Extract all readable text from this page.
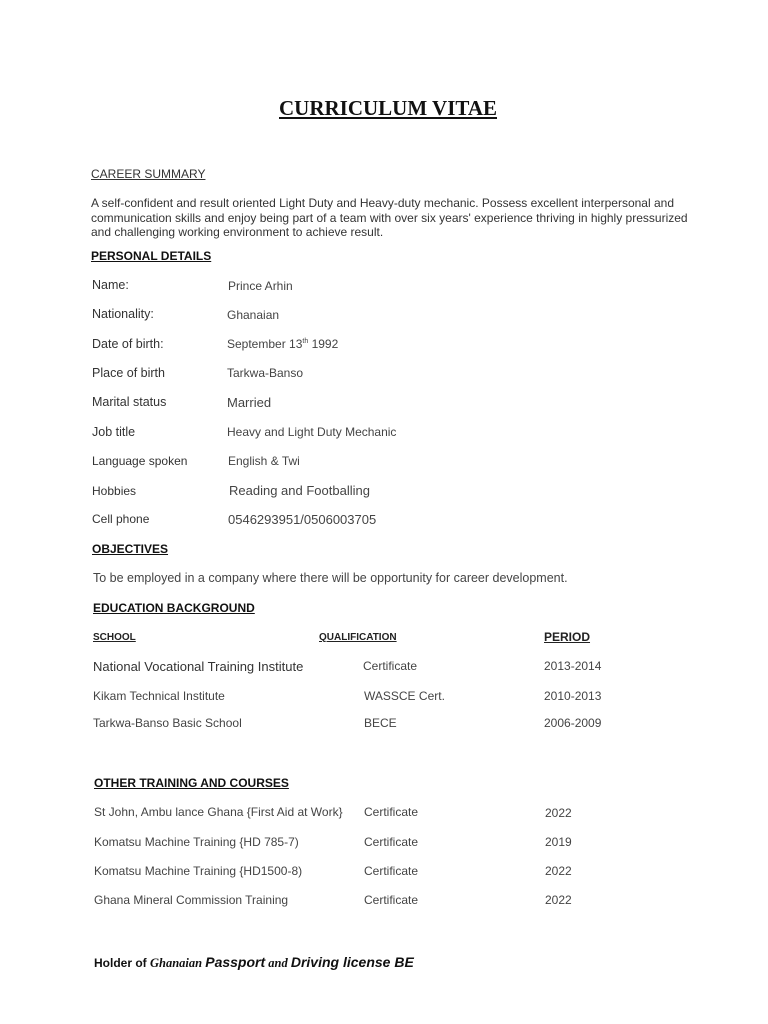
CURRICULUM VITAE
CAREER SUMMARY
A self-confident and result oriented Light Duty and Heavy-duty mechanic. Possess excellent interpersonal and communication skills and enjoy being part of a team with over six years' experience thriving in highly pressurized and challenging working environment to achieve result.
PERSONAL DETAILS
Name:	Prince Arhin
Nationality:	Ghanaian
Date of birth:	September 13th 1992
Place of birth	Tarkwa-Banso
Marital status	Married
Job title	Heavy and Light Duty Mechanic
Language spoken	English & Twi
Hobbies	Reading and Footballing
Cell phone	0546293951/0506003705
OBJECTIVES
To be employed in a company where there will be opportunity for career development.
EDUCATION BACKGROUND
SCHOOL	QUALIFICATION	PERIOD
National Vocational Training Institute	Certificate	2013-2014
Kikam Technical Institute	WASSCE Cert.	2010-2013
Tarkwa-Banso Basic School	BECE	2006-2009
OTHER TRAINING AND COURSES
St John, Ambu lance Ghana {First Aid at Work} Certificate	2022
Komatsu Machine Training {HD 785-7)	Certificate	2019
Komatsu Machine Training {HD1500-8)	Certificate	2022
Ghana Mineral Commission Training	Certificate	2022
Holder of Ghanaian Passport and Driving license BE
